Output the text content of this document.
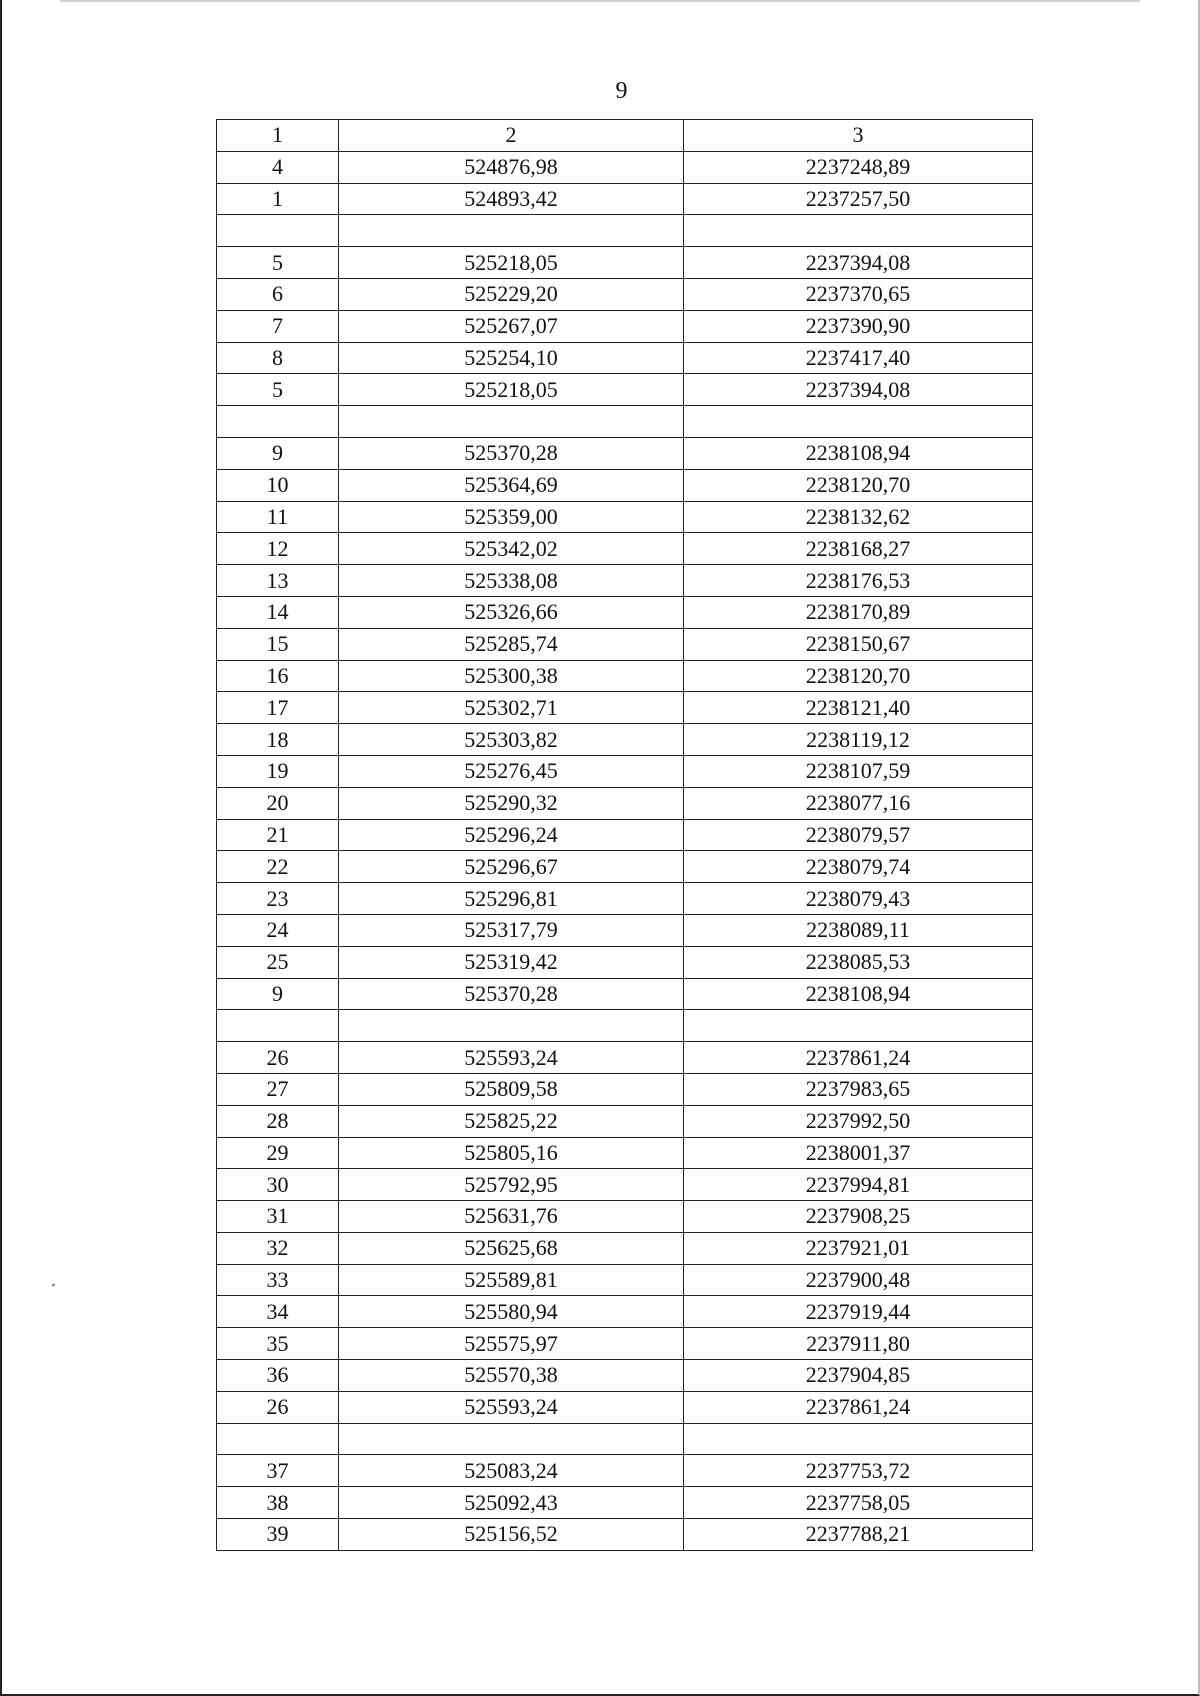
9
1	2	3
4	524876,98	2237248,89
1	524893,42	2237257,50

5	525218,05	2237394,08
6	525229,20	2237370,65
7	525267,07	2237390,90
8	525254,10	2237417,40
5	525218,05	2237394,08

9	525370,28	2238108,94
10	525364,69	2238120,70
11	525359,00	2238132,62
12	525342,02	2238168,27
13	525338,08	2238176,53
14	525326,66	2238170,89
15	525285,74	2238150,67
16	525300,38	2238120,70
17	525302,71	2238121,40
18	525303,82	2238119,12
19	525276,45	2238107,59
20	525290,32	2238077,16
21	525296,24	2238079,57
22	525296,67	2238079,74
23	525296,81	2238079,43
24	525317,79	2238089,11
25	525319,42	2238085,53
9	525370,28	2238108,94

26	525593,24	2237861,24
27	525809,58	2237983,65
28	525825,22	2237992,50
29	525805,16	2238001,37
30	525792,95	2237994,81
31	525631,76	2237908,25
32	525625,68	2237921,01
33	525589,81	2237900,48
34	525580,94	2237919,44
35	525575,97	2237911,80
36	525570,38	2237904,85
26	525593,24	2237861,24

37	525083,24	2237753,72
38	525092,43	2237758,05
39	525156,52	2237788,21
